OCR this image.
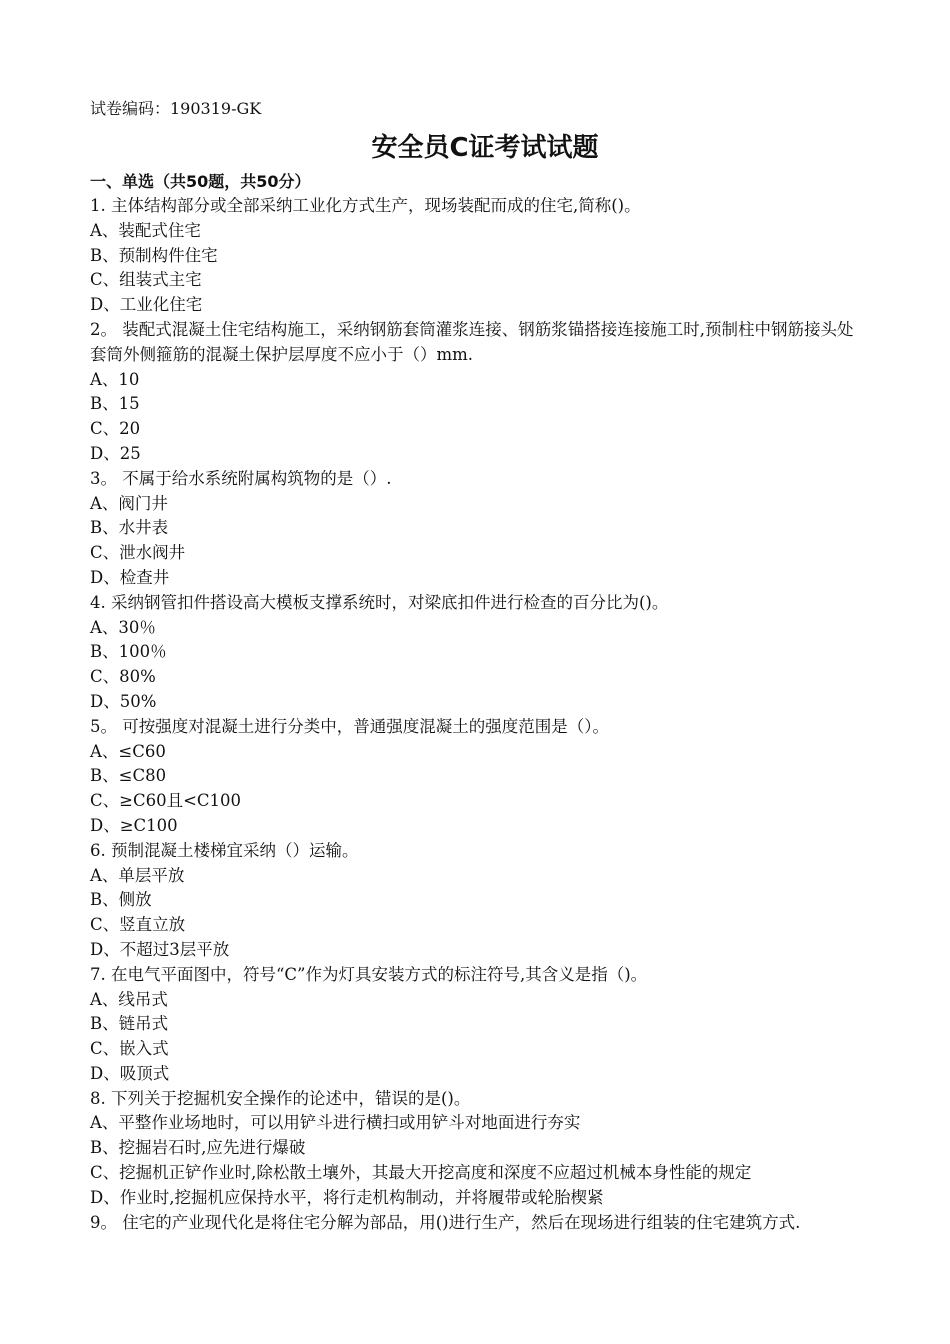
试卷编码：190319-GK
安全员C证考试试题
一、单选（共50题，共50分）
1. 主体结构部分或全部采纳工业化方式生产，现场装配而成的住宅,简称()。
A、装配式住宅
B、预制构件住宅
C、组装式主宅
D、工业化住宅
2。 装配式混凝土住宅结构施工，采纳钢筋套筒灌浆连接、钢筋浆锚搭接连接施工时,预制柱中钢筋接头处套筒外侧箍筋的混凝土保护层厚度不应小于（）mm.
A、10
B、15
C、20
D、25
3。 不属于给水系统附属构筑物的是（）.
A、阀门井
B、水井表
C、泄水阀井
D、检查井
4. 采纳钢管扣件搭设高大模板支撑系统时，对梁底扣件进行检查的百分比为()。
A、30％
B、100％
C、80%
D、50%
5。 可按强度对混凝土进行分类中，普通强度混凝土的强度范围是（）。
A、≤C60
B、≤C80
C、≥C60且<C100
D、≥C100
6. 预制混凝土楼梯宜采纳（）运输。
A、单层平放
B、侧放
C、竖直立放
D、不超过3层平放
7. 在电气平面图中，符号“C”作为灯具安装方式的标注符号,其含义是指（)。
A、线吊式
B、链吊式
C、嵌入式
D、吸顶式
8. 下列关于挖掘机安全操作的论述中，错误的是()。
A、平整作业场地时，可以用铲斗进行横扫或用铲斗对地面进行夯实
B、挖掘岩石时,应先进行爆破
C、挖掘机正铲作业时,除松散土壤外，其最大开挖高度和深度不应超过机械本身性能的规定
D、作业时,挖掘机应保持水平，将行走机构制动，并将履带或轮胎楔紧
9。 住宅的产业现代化是将住宅分解为部品，用()进行生产，然后在现场进行组装的住宅建筑方式.
